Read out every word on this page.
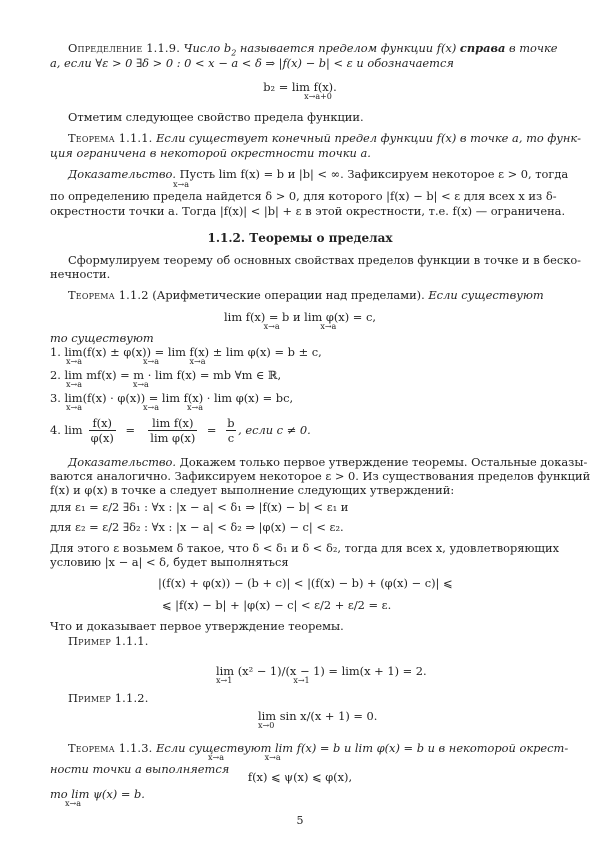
Определение 1.1.9. Число $b_2$ называется пределом функции f(x) справа в точке
a, если ∀ε > 0 ∃δ > 0 : 0 < x − a < δ ⇒ |f(x) − b| < ε и обозначается
b₂ = lim f(x).
x→a+0
Отметим следующее свойство предела функции.
Теорема 1.1.1. Если существует конечный предел функции f(x) в точке a, то функ-
ция ограничена в некоторой окрестности точки a.
Доказательство. Пусть lim f(x) = b и |b| < ∞. Зафиксируем некоторое ε > 0, тогда
x→a
по определению предела найдется δ > 0, для которого |f(x) − b| < ε для всех x из δ-
окрестности точки a. Тогда |f(x)| < |b| + ε в этой окрестности, т.е. f(x) — ограничена.
1.1.2. Теоремы о пределах
Сформулируем теорему об основных свойствах пределов функции в точке и в беско-
нечности.
Теорема 1.1.2 (Арифметические операции над пределами). Если существуют
lim f(x) = b и lim φ(x) = c,
x→a                x→a
то существуют
1. lim(f(x) ± φ(x)) = lim f(x) ± lim φ(x) = b ± c,
x→a                        x→a            x→a
2. lim mf(x) = m · lim f(x) = mb ∀m ∈ ℝ,
x→a                    x→a
3. lim(f(x) · φ(x)) = lim f(x) · lim φ(x) = bc,
x→a                        x→a           x→a
4. $\lim \frac{f(x)}{\varphi(x)} = \frac{\text{lim f(x)}}{\text{lim φ(x)}} = \frac{b}{c}$ , если c ≠ 0.
Доказательство. Докажем только первое утверждение теоремы. Остальные доказы-
ваются аналогично. Зафиксируем некоторое ε > 0. Из существования пределов функций
f(x) и φ(x) в точке a следует выполнение следующих утверждений:
для ε₁ = ε/2 ∃δ₁ : ∀x : |x − a| < δ₁ ⇒ |f(x) − b| < ε₁ и
для ε₂ = ε/2 ∃δ₂ : ∀x : |x − a| < δ₂ ⇒ |φ(x) − c| < ε₂.
Для этого ε возьмем δ такое, что δ < δ₁ и δ < δ₂, тогда для всех x, удовлетворяющих
условию |x − a| < δ, будет выполняться
|(f(x) + φ(x)) − (b + c)| < |(f(x) − b) + (φ(x) − c)| ⩽
⩽ |f(x) − b| + |φ(x) − c| < ε/2 + ε/2 = ε.
Что и доказывает первое утверждение теоремы.
Пример 1.1.1.
lim (x² − 1)/(x − 1) = lim(x + 1) = 2.
x→1                        x→1
Пример 1.1.2.
lim sin x/(x + 1) = 0.
x→0
Теорема 1.1.3. Если существуют lim f(x) = b и lim φ(x) = b и в некоторой окрест-
x→a                x→a
ности точки a выполняется
f(x) ⩽ ψ(x) ⩽ φ(x),
то lim ψ(x) = b.
x→a
5
